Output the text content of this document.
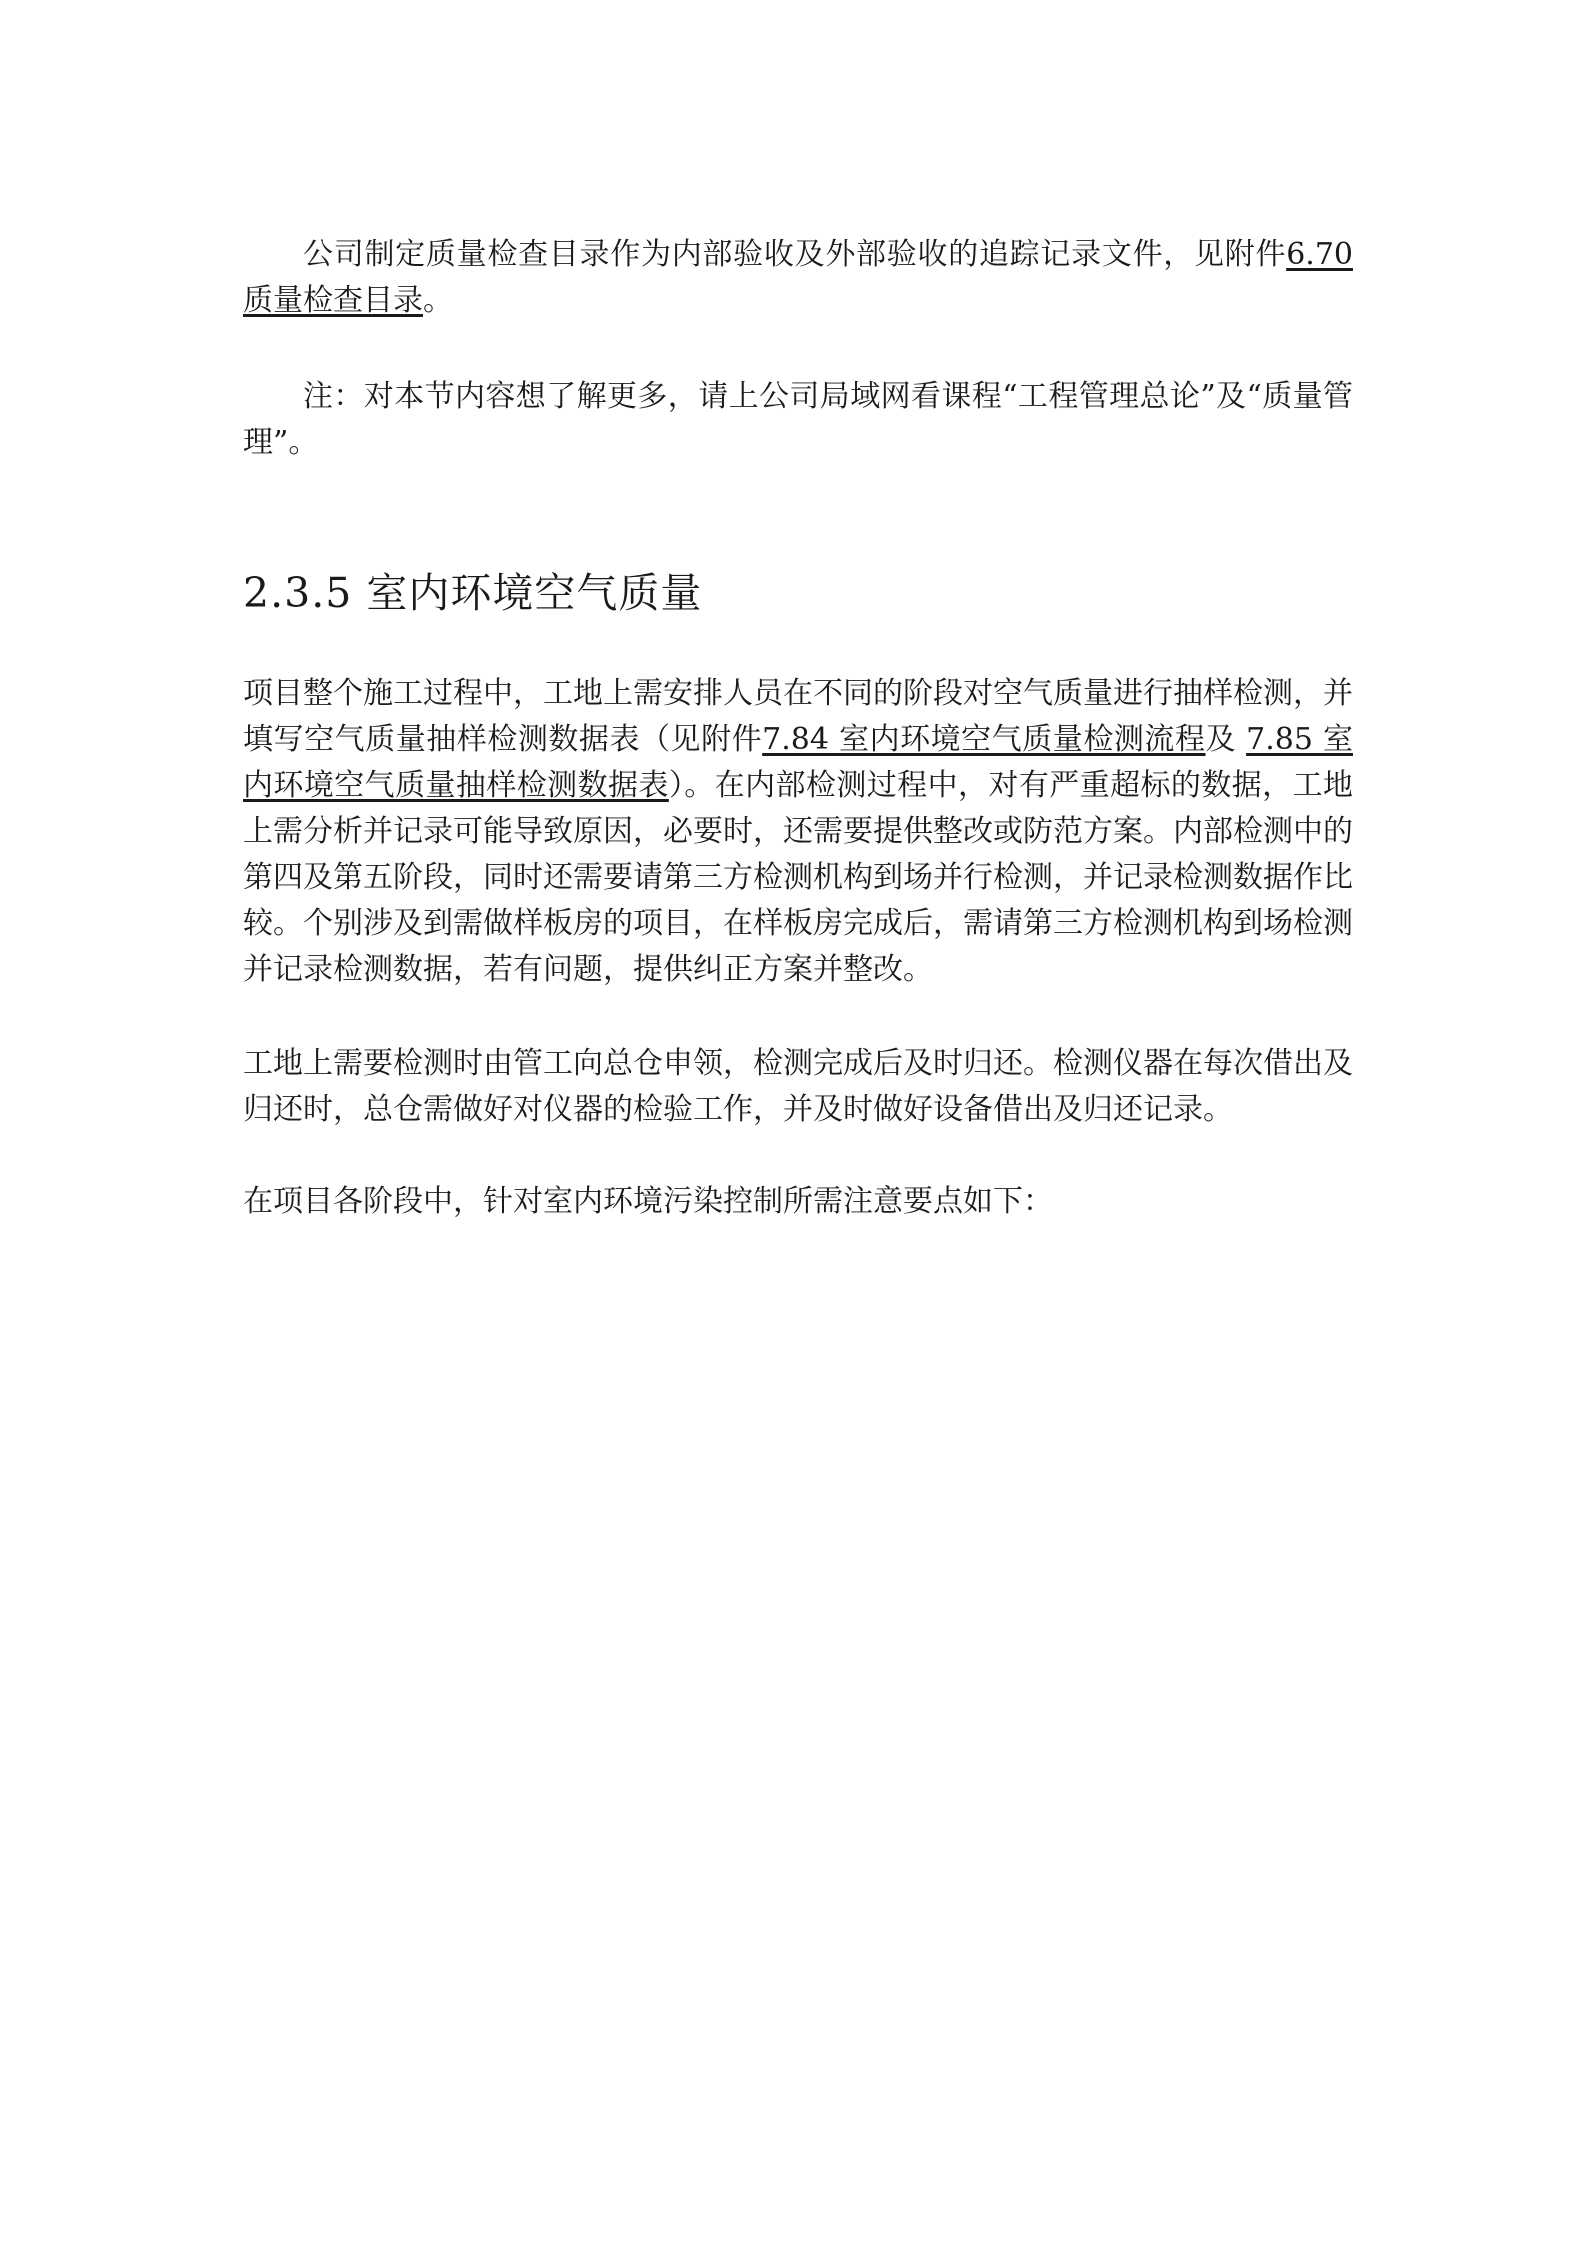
公司制定质量检查目录作为内部验收及外部验收的追踪记录文件，见附件6.70 质量检查目录。

注：对本节内容想了解更多，请上公司局域网看课程“工程管理总论”及“质量管理”。

2.3.5 室内环境空气质量

项目整个施工过程中，工地上需安排人员在不同的阶段对空气质量进行抽样检测，并填写空气质量抽样检测数据表（见附件7.84 室内环境空气质量检测流程及 7.85 室内环境空气质量抽样检测数据表）。在内部检测过程中，对有严重超标的数据，工地上需分析并记录可能导致原因，必要时，还需要提供整改或防范方案。内部检测中的第四及第五阶段，同时还需要请第三方检测机构到场并行检测，并记录检测数据作比较。个别涉及到需做样板房的项目，在样板房完成后，需请第三方检测机构到场检测并记录检测数据，若有问题，提供纠正方案并整改。

工地上需要检测时由管工向总仓申领，检测完成后及时归还。检测仪器在每次借出及归还时，总仓需做好对仪器的检验工作，并及时做好设备借出及归还记录。

在项目各阶段中，针对室内环境污染控制所需注意要点如下：
